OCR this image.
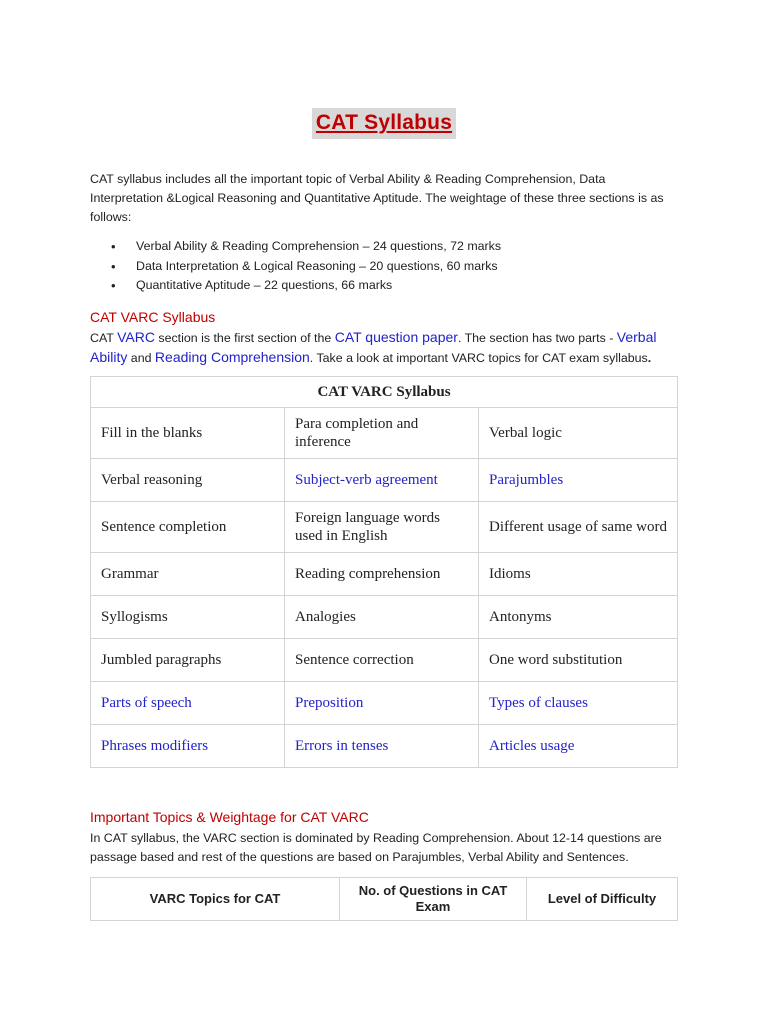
CAT Syllabus
CAT syllabus includes all the important topic of Verbal Ability & Reading Comprehension, Data Interpretation &Logical Reasoning and Quantitative Aptitude. The weightage of these three sections is as follows:
• Verbal Ability & Reading Comprehension – 24 questions, 72 marks
• Data Interpretation & Logical Reasoning – 20 questions, 60 marks
• Quantitative Aptitude – 22 questions, 66 marks
CAT VARC Syllabus
CAT VARC section is the first section of the CAT question paper. The section has two parts - Verbal Ability and Reading Comprehension. Take a look at important VARC topics for CAT exam syllabus.
CAT VARC Syllabus		
Fill in the blanks	Para completion and inference	Verbal logic
Verbal reasoning	Subject-verb agreement	Parajumbles
Sentence completion	Foreign language words used in English	Different usage of same word
Grammar	Reading comprehension	Idioms
Syllogisms	Analogies	Antonyms
Jumbled paragraphs	Sentence correction	One word substitution
Parts of speech	Preposition	Types of clauses
Phrases modifiers	Errors in tenses	Articles usage
Important Topics & Weightage for CAT VARC
In CAT syllabus, the VARC section is dominated by Reading Comprehension. About 12-14 questions are passage based and rest of the questions are based on Parajumbles, Verbal Ability and Sentences.
VARC Topics for CAT	No. of Questions in CAT Exam	Level of Difficulty
